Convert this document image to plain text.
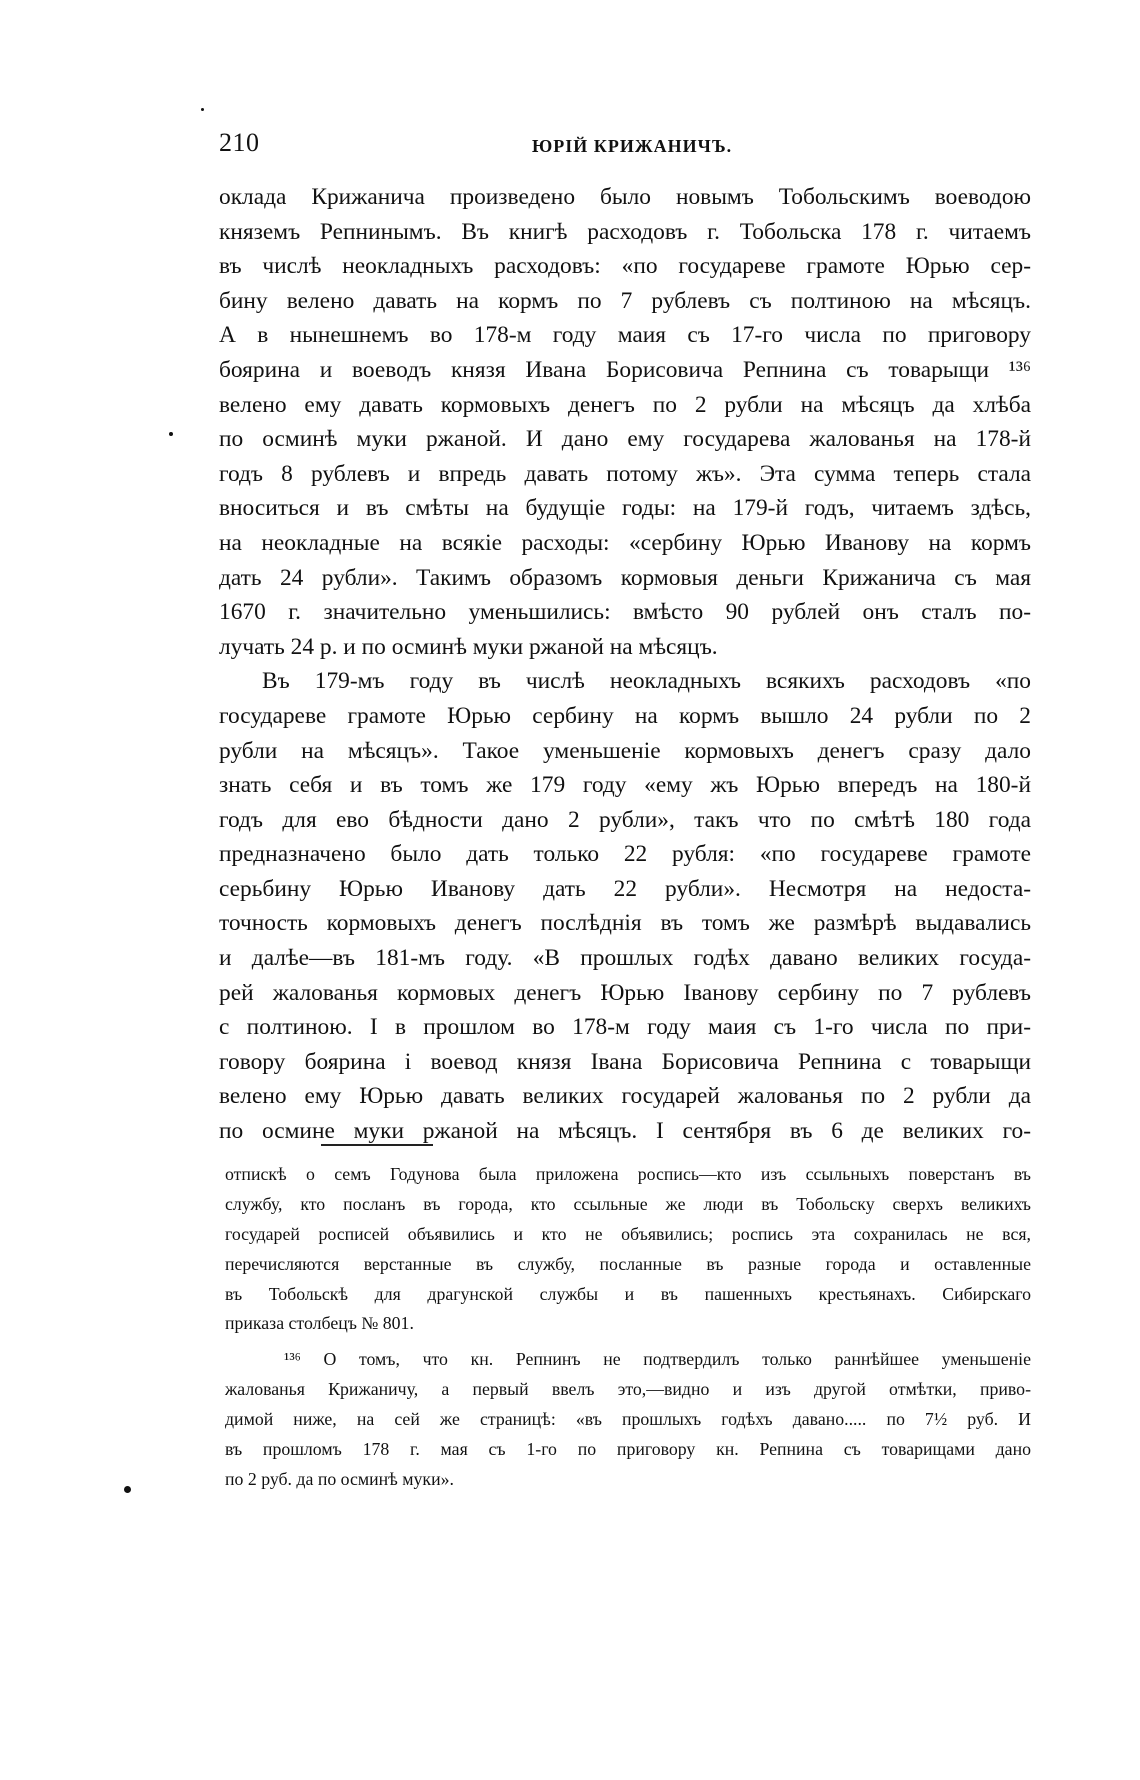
210	ЮРІЙ КРИЖАНИЧЪ.
оклада Крижанича произведено было новымъ Тобольскимъ воеводою
княземъ Репнинымъ. Въ книгѣ расходовъ г. Тобольска 178 г. читаемъ
въ числѣ неокладныхъ расходовъ: «по государеве грамоте Юрью сер-
бину велено давать на кормъ по 7 рублевъ съ полтиною на мѣсяцъ.
А в нынешнемъ во 178-м году маия съ 17-го числа по приговору
боярина и воеводъ князя Ивана Борисовича Репнина съ товарыщи ¹³⁶
велено ему давать кормовыхъ денегъ по 2 рубли на мѣсяцъ да хлѣба
по осминѣ муки ржаной. И дано ему государева жалованья на 178-й
годъ 8 рублевъ и впредь давать потому жъ». Эта сумма теперь стала
вноситься и въ смѣты на будущіе годы: на 179-й годъ, читаемъ здѣсь,
на неокладные на всякіе расходы: «сербину Юрью Иванову на кормъ
дать 24 рубли». Такимъ образомъ кормовыя деньги Крижанича съ мая
1670 г. значительно уменьшились: вмѣсто 90 рублей онъ сталъ по-
лучать 24 р. и по осминѣ муки ржаной на мѣсяцъ.
Въ 179-мъ году въ числѣ неокладныхъ всякихъ расходовъ «по
государеве грамоте Юрью сербину на кормъ вышло 24 рубли по 2
рубли на мѣсяцъ». Такое уменьшеніе кормовыхъ денегъ сразу дало
знать себя и въ томъ же 179 году «ему жъ Юрью впередъ на 180-й
годъ для ево бѣдности дано 2 рубли», такъ что по смѣтѣ 180 года
предназначено было дать только 22 рубля: «по государеве грамоте
серьбину Юрью Иванову дать 22 рубли». Несмотря на недоста-
точность кормовыхъ денегъ послѣднія въ томъ же размѣрѣ выдавались
и далѣе—въ 181-мъ году. «В прошлых годѣх давано великих госуда-
рей жалованья кормовых денегъ Юрью Іванову сербину по 7 рублевъ
с полтиною. І в прошлом во 178-м году маия съ 1-го числа по при-
говору боярина і воевод князя Івана Борисовича Репнина с товарыщи
велено ему Юрью давать великих государей жалованья по 2 рубли да
по осмине муки ржаной на мѣсяцъ. І сентября въ 6 де великих го-
отпискѣ о семъ Годунова была приложена роспись—кто изъ ссыльныхъ поверстанъ въ
службу, кто посланъ въ города, кто ссыльные же люди въ Тобольску сверхъ великихъ
государей росписей объявились и кто не объявились; роспись эта сохранилась не вся,
перечисляются верстанные въ службу, посланные въ разные города и оставленные
въ Тобольскѣ для драгунской службы и въ пашенныхъ крестьянахъ. Сибирскаго
приказа столбецъ № 801.
¹³⁶ О томъ, что кн. Репнинъ не подтвердилъ только раннѣйшее уменьшеніе
жалованья Крижаничу, а первый ввелъ это,—видно и изъ другой отмѣтки, приво-
димой ниже, на сей же страницѣ: «въ прошлыхъ годѣхъ давано..... по 7½ руб. И
въ прошломъ 178 г. мая съ 1-го по приговору кн. Репнина съ товарищами дано
по 2 руб. да по осминѣ муки».
